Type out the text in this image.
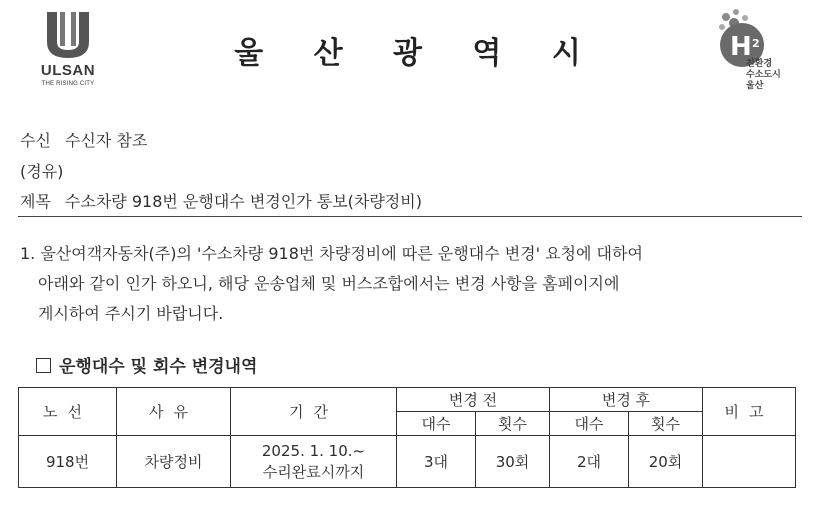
ULSAN
THE RISING CITY
울 산 광 역 시	H 2
친환경
수소도시
울산
수신 수신자 참조
(경유)
제목 수소차량 918번 운행대수 변경인가 통보(차량정비)
1. 울산여객자동차(주)의 '수소차량 918번 차량정비에 따른 운행대수 변경' 요청에 대하여
아래와 같이 인가 하오니, 해당 운송업체 및 버스조합에서는 변경 사항을 홈페이지에
게시하여 주시기 바랍니다.
운행대수 및 회수 변경내역
노선	사유	기간	변경 전		변경 후		비고
			대수	횟수	대수	횟수	
918번	차량정비	2025. 1. 10.~
수리완료시까지	3대	30회	2대	20회	
